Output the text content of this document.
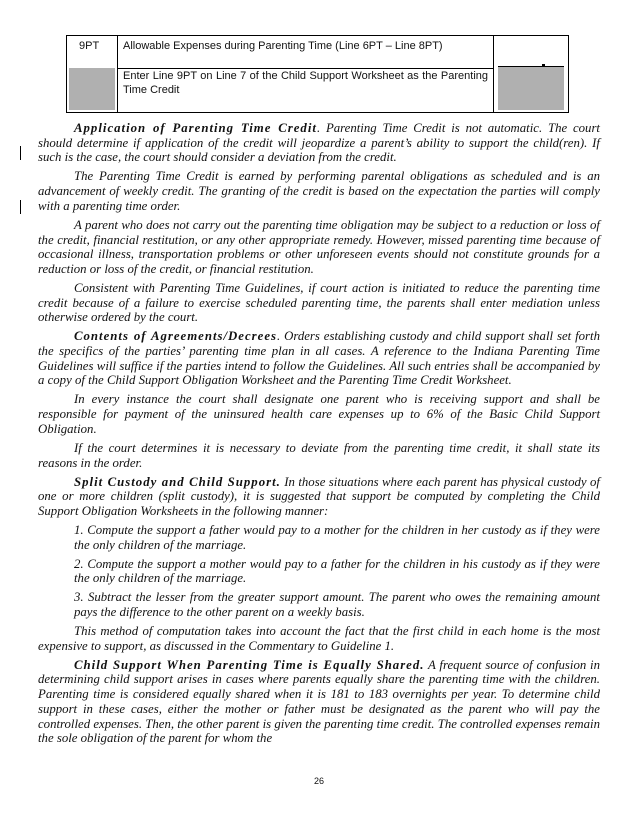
9PT Allowable Expenses during Parenting Time (Line 6PT – Line 8PT)
Enter Line 9PT on Line 7 of the Child Support Worksheet as the Parenting Time Credit

Application of Parenting Time Credit. Parenting Time Credit is not automatic. The court should determine if application of the credit will jeopardize a parent’s ability to support the child(ren). If such is the case, the court should consider a deviation from the credit.

The Parenting Time Credit is earned by performing parental obligations as scheduled and is an advancement of weekly credit. The granting of the credit is based on the expectation the parties will comply with a parenting time order.

A parent who does not carry out the parenting time obligation may be subject to a reduction or loss of the credit, financial restitution, or any other appropriate remedy. However, missed parenting time because of occasional illness, transportation problems or other unforeseen events should not constitute grounds for a reduction or loss of the credit, or financial restitution.

Consistent with Parenting Time Guidelines, if court action is initiated to reduce the parenting time credit because of a failure to exercise scheduled parenting time, the parents shall enter mediation unless otherwise ordered by the court.

Contents of Agreements/Decrees. Orders establishing custody and child support shall set forth the specifics of the parties’ parenting time plan in all cases. A reference to the Indiana Parenting Time Guidelines will suffice if the parties intend to follow the Guidelines. All such entries shall be accompanied by a copy of the Child Support Obligation Worksheet and the Parenting Time Credit Worksheet.

In every instance the court shall designate one parent who is receiving support and shall be responsible for payment of the uninsured health care expenses up to 6% of the Basic Child Support Obligation.

If the court determines it is necessary to deviate from the parenting time credit, it shall state its reasons in the order.

Split Custody and Child Support. In those situations where each parent has physical custody of one or more children (split custody), it is suggested that support be computed by completing the Child Support Obligation Worksheets in the following manner:

1. Compute the support a father would pay to a mother for the children in her custody as if they were the only children of the marriage.

2. Compute the support a mother would pay to a father for the children in his custody as if they were the only children of the marriage.

3. Subtract the lesser from the greater support amount. The parent who owes the remaining amount pays the difference to the other parent on a weekly basis.

This method of computation takes into account the fact that the first child in each home is the most expensive to support, as discussed in the Commentary to Guideline 1.

Child Support When Parenting Time is Equally Shared. A frequent source of confusion in determining child support arises in cases where parents equally share the parenting time with the children. Parenting time is considered equally shared when it is 181 to 183 overnights per year. To determine child support in these cases, either the mother or father must be designated as the parent who will pay the controlled expenses. Then, the other parent is given the parenting time credit. The controlled expenses remain the sole obligation of the parent for whom the

26
